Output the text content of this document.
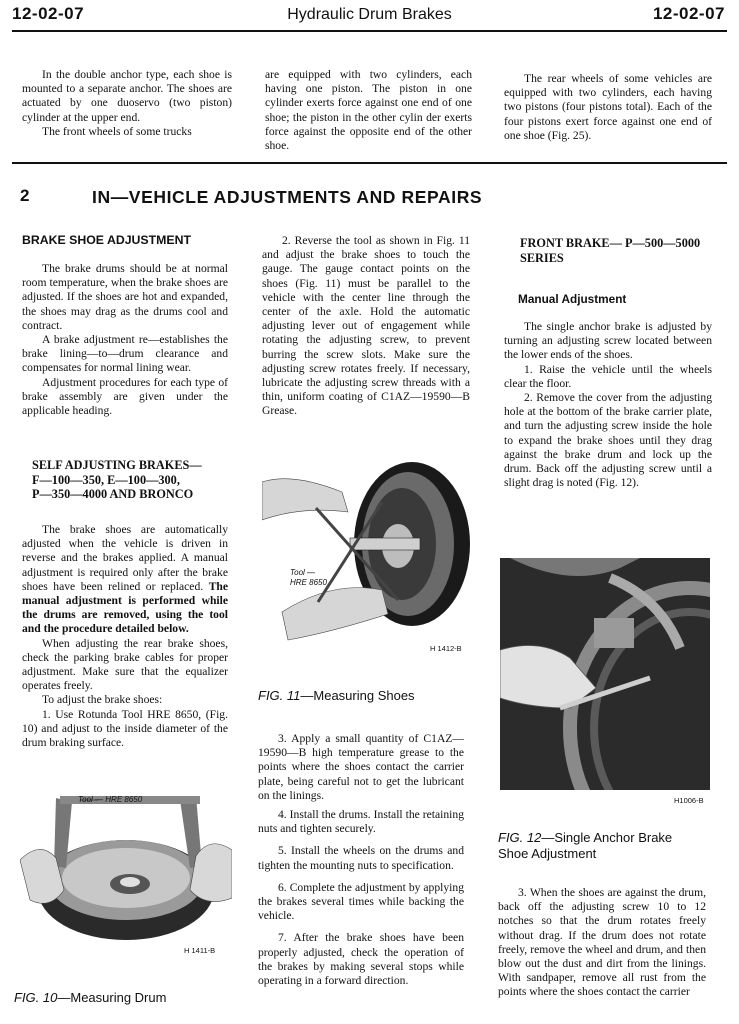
12-02-07	Hydraulic Drum Brakes	12-02-07

In the double anchor type, each shoe is mounted to a separate anchor. The shoes are actuated by one duoservo (two piston) cylinder at the upper end.

The front wheels of some trucks

are equipped with two cylinders, each having one piston. The piston in one cylinder exerts force against one end of one shoe; the piston in the other cylin der exerts force against the opposite end of the other shoe.

The rear wheels of some vehicles are equipped with two cylinders, each having two pistons (four pistons total). Each of the four pistons exert force against one end of one shoe (Fig. 25).

2	IN—VEHICLE ADJUSTMENTS AND REPAIRS
BRAKE SHOE ADJUSTMENT

The brake drums should be at normal room temperature, when the brake shoes are adjusted. If the shoes are hot and expanded, the shoes may drag as the drums cool and contract.

A brake adjustment re—establishes the brake lining—to—drum clearance and compensates for normal lining wear.

Adjustment procedures for each type of brake assembly are given under the applicable heading.

SELF ADJUSTING BRAKES—
F—100—350, E—100—300,
P—350—4000 AND BRONCO

The brake shoes are automatically adjusted when the vehicle is driven in reverse and the brakes applied. A manual adjustment is required only after the brake shoes have been relined or replaced. The manual adjustment is performed while the drums are removed, using the tool and the procedure detailed below.

When adjusting the rear brake shoes, check the parking brake cables for proper adjustment. Make sure that the equalizer operates freely.

To adjust the brake shoes:

1. Use Rotunda Tool HRE 8650, (Fig. 10) and adjust to the inside diameter of the drum braking surface.

Tool — HRE 8650
H 1411-B
FIG. 10—Measuring Drum

2. Reverse the tool as shown in Fig. 11 and adjust the brake shoes to touch the gauge. The gauge contact points on the shoes (Fig. 11) must be parallel to the vehicle with the center line through the center of the axle. Hold the automatic adjusting lever out of engagement while rotating the adjusting screw, to prevent burring the screw slots. Make sure the adjusting screw rotates freely. If necessary, lubricate the adjusting screw threads with a thin, uniform coating of C1AZ—19590—B Grease.

Tool —
HRE 8650
H 1412-B
FIG. 11—Measuring Shoes

3. Apply a small quantity of C1AZ—19590—B high temperature grease to the points where the shoes contact the carrier plate, being careful not to get the lubricant on the linings.

4. Install the drums. Install the retaining nuts and tighten securely.

5. Install the wheels on the drums and tighten the mounting nuts to specification.

6. Complete the adjustment by applying the brakes several times while backing the vehicle.

7. After the brake shoes have been properly adjusted, check the operation of the brakes by making several stops while operating in a forward direction.

FRONT BRAKE— P—500—5000
SERIES
Manual Adjustment

The single anchor brake is adjusted by turning an adjusting screw located between the lower ends of the shoes.

1. Raise the vehicle until the wheels clear the floor.

2. Remove the cover from the adjusting hole at the bottom of the brake carrier plate, and turn the adjusting screw inside the hole to expand the brake shoes until they drag against the brake drum and lock up the drum. Back off the adjusting screw until a slight drag is noted (Fig. 12).

H1006-B
FIG. 12—Single Anchor Brake
Shoe Adjustment

3. When the shoes are against the drum, back off the adjusting screw 10 to 12 notches so that the drum rotates freely without drag. If the drum does not rotate freely, remove the wheel and drum, and then blow out the dust and dirt from the linings. With sandpaper, remove all rust from the points where the shoes contact the carrier
